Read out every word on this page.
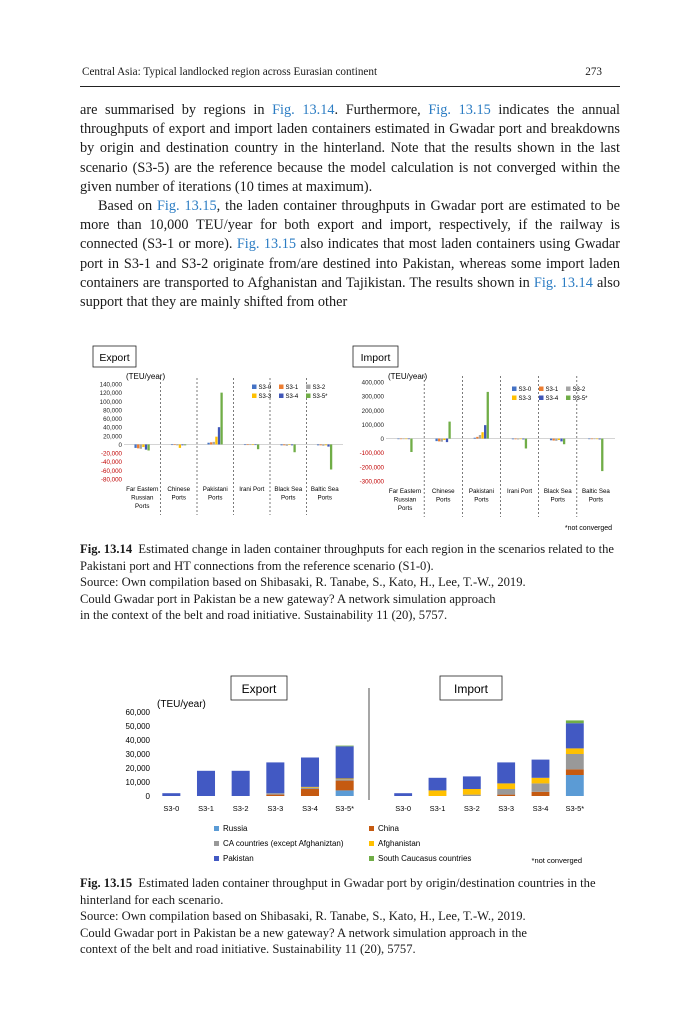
Central Asia: Typical landlocked region across Eurasian continent	273

are summarised by regions in Fig. 13.14. Furthermore, Fig. 13.15 indicates the annual throughputs of export and import laden containers estimated in Gwadar port and breakdowns by origin and destination country in the hinterland. Note that the results shown in the last scenario (S3-5) are the reference because the model calculation is not converged within the given number of iterations (10 times at maximum).

Based on Fig. 13.15, the laden container throughputs in Gwadar port are estimated to be more than 10,000 TEU/year for both export and import, respectively, if the railway is connected (S3-1 or more). Fig. 13.15 also indicates that most laden containers using Gwadar port in S3-1 and S3-2 originate from/are destined into Pakistan, whereas some import laden containers are transported to Afghanistan and Tajikistan. The results shown in Fig. 13.14 also support that they are mainly shifted from other

Export
(TEU/year)
140,000
120,000
100,000
80,000
60,000
40,000
20,000
0
-20,000
-40,000
-60,000
-80,000
Far Eastern
Russian
Ports
Chinese
Ports
Pakistani
Ports
Irani Port Black Sea
Ports
Baltic Sea
Ports
S3-0 S3-1 S3-2
S3-3 S3-4 S3-5*
Import
(TEU/year)
400,000
300,000
200,000
100,000
0
-100,000
-200,000
-300,000
Far Eastern
Russian
Ports
Chinese
Ports
Pakistani
Ports
Irani Port Black Sea
Ports
Baltic Sea
Ports
S3-0 S3-1 S3-2
S3-3 S3-4 S3-5*
*not converged
Fig. 13.14 Estimated change in laden container throughputs for each region in the scenarios related to the Pakistani port and HT connections from the reference scenario (S1-0).
Source: Own compilation based on Shibasaki, R. Tanabe, S., Kato, H., Lee, T.-W., 2019.
Could Gwadar port in Pakistan be a new gateway? A network simulation approach
in the context of the belt and road initiative. Sustainability 11 (20), 5757.
Export
(TEU/year)
60,000
50,000
40,000
30,000
20,000
10,000
0
S3-0	S3-1	S3-2	S3-3	S3-4 S3-5*
Import
S3-0 S3-1 S3-2 S3-3 S3-4 S3-5*
Russia	China
CA countries (except Afghaniztan)	Afghanistan
Pakistan	South Caucasus countries	*not converged
Fig. 13.15 Estimated laden container throughput in Gwadar port by origin/destination countries in the hinterland for each scenario.
Source: Own compilation based on Shibasaki, R. Tanabe, S., Kato, H., Lee, T.-W., 2019.
Could Gwadar port in Pakistan be a new gateway? A network simulation approach in the
context of the belt and road initiative. Sustainability 11 (20), 5757.
